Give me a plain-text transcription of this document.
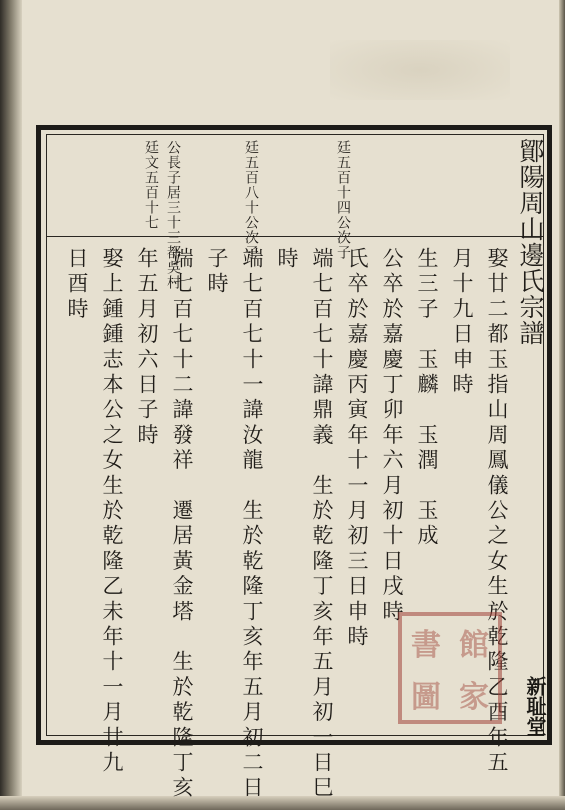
鄮陽周山邊氏宗譜
廷五百十四公次子
廷五百八十公次子
廷文五百十七 公長子居三十三都吳村
娶廿二都玉指山周鳳儀公之女生於乾隆乙酉年五
月十九日申時
生三子　玉麟　玉潤　玉成
公卒於嘉慶丁卯年六月初十日戌時
氏卒於嘉慶丙寅年十一月初三日申時
端七百七十諱鼎義　生於乾隆丁亥年五月初一日巳
時
端七百七十一諱汝龍　生於乾隆丁亥年五月初二日
子時
端七百七十二諱發祥　遷居黃金塔　生於乾隆丁亥
年五月初六日子時
娶上鍾鍾志本公之女生於乾隆乙未年十一月廿九
日酉時
書 館
圖 家 新耻堂
